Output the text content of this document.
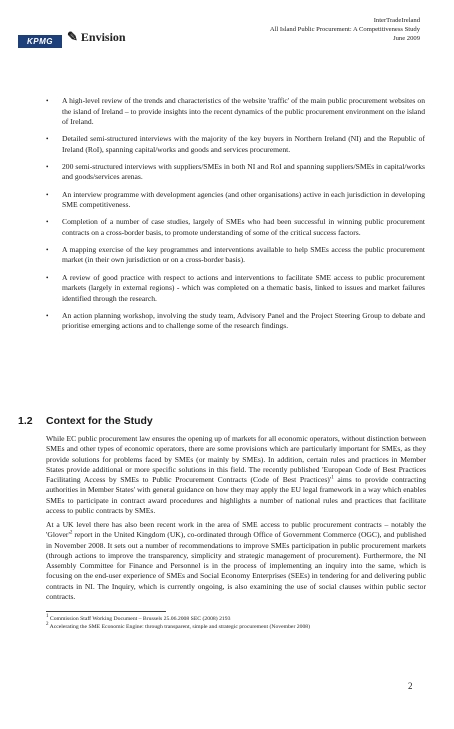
KPMG	✎ Envision
InterTradeIreland
All Island Public Procurement: A Competitiveness Study
June 2009
• A high-level review of the trends and characteristics of the website 'traffic' of the main public procurement websites on the island of Ireland – to provide insights into the recent dynamics of the public procurement environment on the island of Ireland.
• Detailed semi-structured interviews with the majority of the key buyers in Northern Ireland (NI) and the Republic of Ireland (RoI), spanning capital/works and goods and services procurement.
• 200 semi-structured interviews with suppliers/SMEs in both NI and RoI and spanning suppliers/SMEs in capital/works and goods/services arenas.
• An interview programme with development agencies (and other organisations) active in each jurisdiction in developing SME competitiveness.
• Completion of a number of case studies, largely of SMEs who had been successful in winning public procurement contracts on a cross-border basis, to promote understanding of some of the critical success factors.
• A mapping exercise of the key programmes and interventions available to help SMEs access the public procurement market (in their own jurisdiction or on a cross-border basis).
• A review of good practice with respect to actions and interventions to facilitate SME access to public procurement markets (largely in external regions) - which was completed on a thematic basis, linked to issues and market failures identified through the research.
• An action planning workshop, involving the study team, Advisory Panel and the Project Steering Group to debate and prioritise emerging actions and to challenge some of the research findings.
1.2 Context for the Study

While EC public procurement law ensures the opening up of markets for all economic operators, without distinction between SMEs and other types of economic operators, there are some provisions which are particularly important for SMEs, as they provide solutions for problems faced by SMEs (or mainly by SMEs). In addition, certain rules and practices in Member States provide additional or more specific solutions in this field. The recently published 'European Code of Best Practices Facilitating Access by SMEs to Public Procurement Contracts (Code of Best $Practices)'^1$ aims to provide contracting authorities in Member States' with general guidance on how they may apply the EU legal framework in a way which enables SMEs to participate in contract award procedures and highlights a number of national rules and practices that facilitate access to public contracts by SMEs.

At a UK level there has also been recent work in the area of SME access to public procurement contracts – notably the '$Glover'^2$ report in the United Kingdom (UK), co-ordinated through Office of Government Commerce (OGC), and published in November 2008. It sets out a number of recommendations to improve SMEs participation in public procurement markets (through actions to improve the transparency, simplicity and strategic management of procurement). Furthermore, the NI Assembly Committee for Finance and Personnel is in the process of implementing an inquiry into the same, which is focusing on the end-user experience of SMEs and Social Economy Enterprises (SEEs) in tendering for and delivering public contracts in NI. The Inquiry, which is currently ongoing, is also examining the use of social clauses within public sector contracts.

$^1$ Commission Staff Working Document – Brussels 25.06.2008 SEC (2008) 2193
$^2$ Accelerating the SME Economic Engine: through transparent, simple and strategic procurement (November 2008)
2
